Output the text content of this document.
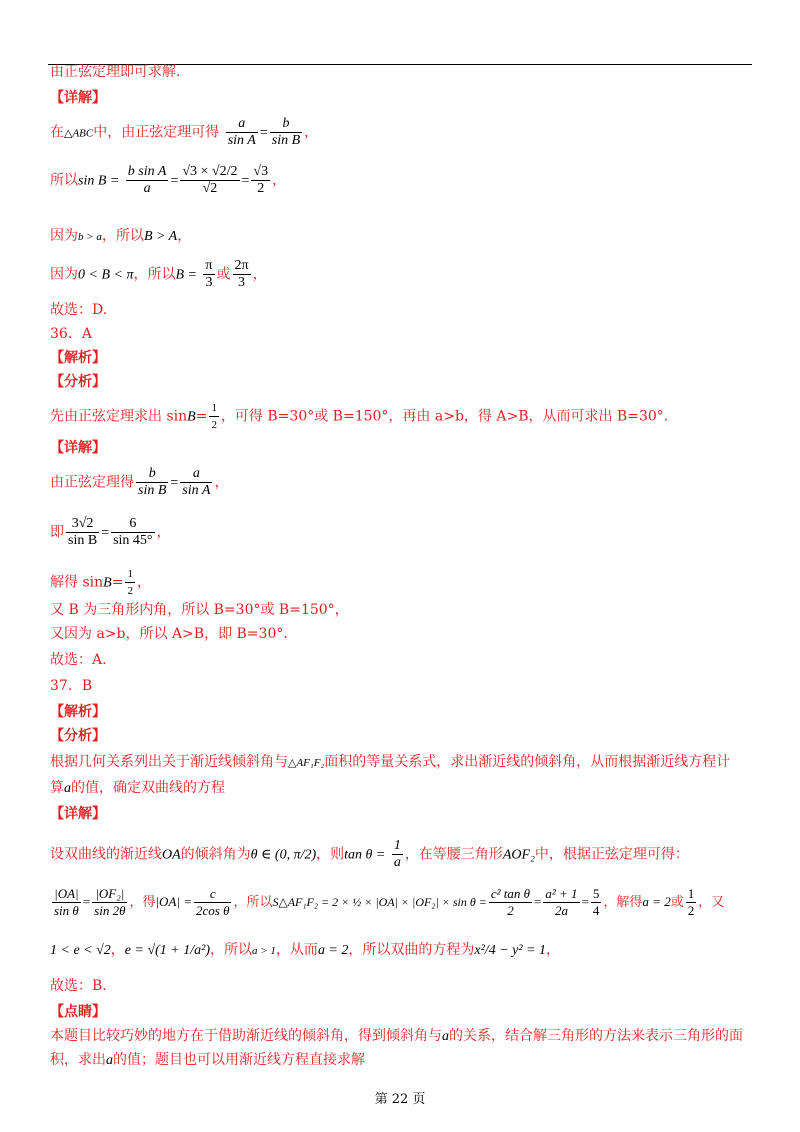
由正弦定理即可求解.
【详解】
在△ABC中，由正弦定理可得 $\frac{a}{\text{sin A}} = \frac{b}{\text{sin B}}$ ，
所以$\sin B = \frac{\text{b sin A}}{a} = \frac{√3 \times √2/2}{√2} = \frac{√3}{2}$ ，
因为b > a，所以B > A，
因为0 < B < π，所以$B = \frac{\pi}{3}$ 或 $\frac{2\pi}{3}$ ，
故选：D.
36．A
【解析】
【分析】
先由正弦定理求出 $\sin B= \frac{1}{2}$ ，可得 B=30°或 B=150°，再由 a>b，得 A>B，从而可求出 B=30°.
【详解】
由正弦定理得 $\frac{b}{\text{sin B}} = \frac{a}{\text{sin A}}$ ，
即 $\frac{3√2}{\text{sin B}} = \frac{6}{\sin 45^\circ}$ ，
解得 $\sin B= \frac{1}{2}$ ，
又 B 为三角形内角，所以 B=30°或 B=150°，
又因为 a>b，所以 A>B，即 B=30°.
故选：A.
37．B
【解析】
【分析】
根据几何关系列出关于渐近线倾斜角与△AF₁F₂面积的等量关系式，求出渐近线的倾斜角，从而根据渐近线方程计
算a的值，确定双曲线的方程
【详解】
设双曲线的渐近线OA的倾斜角为θ ∈ (0, π/2)，则$\tan \theta = \frac{1}{a}$ ，在等腰三角形AOF₂中，根据正弦定理可得：
$\frac{|OA|}{\text{sin θ}} = \frac{\text{|OF₂|}}{\sin 2\theta}$ ，得$|OA| = \frac{c}{\text{2cos θ}}$ ，所以S△AF₁F₂ = 2 × ½ × $|OA| \times |OF_2| \times \sin \theta = \frac{\text{c² tan θ}}{2} = \frac{\text{a² + 1}}{2a} = \frac{5}{4}$ ，解得a = 2或 $\frac{1}{2}$ ，又
1 < e < √2，e = √(1 + 1/a²)，所以a > 1，从而a = 2，所以双曲的方程为x²/4 − y² = 1，
故选：B.
【点睛】
本题目比较巧妙的地方在于借助渐近线的倾斜角，得到倾斜角与a的关系，结合解三角形的方法来表示三角形的面
积，求出a的值；题目也可以用渐近线方程直接求解
第 22 页
